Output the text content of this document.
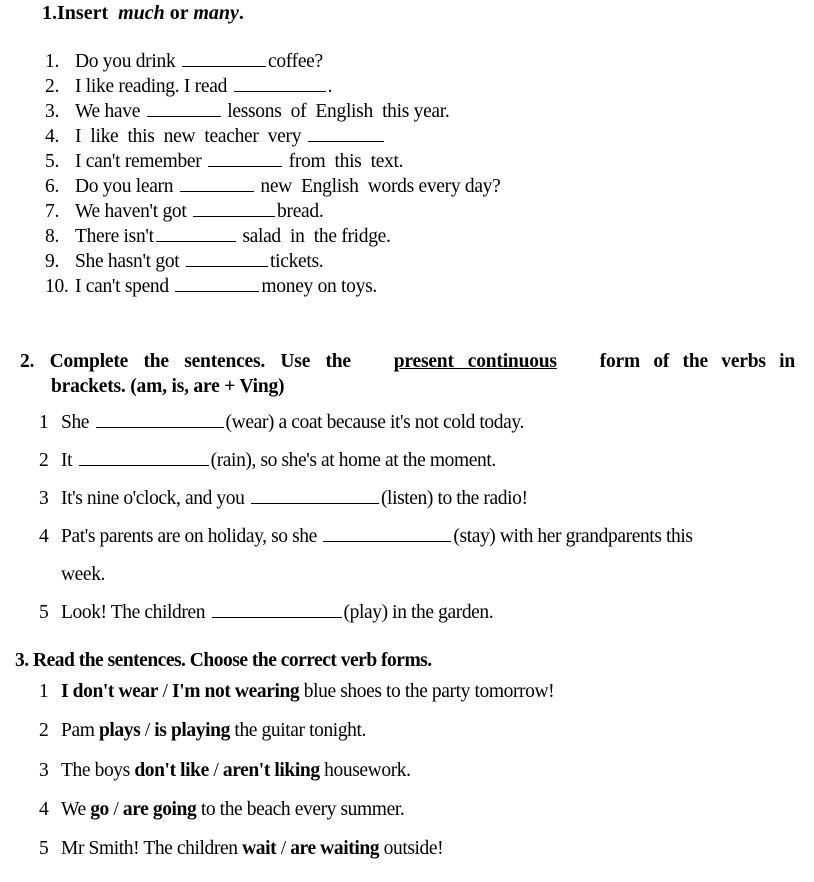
1.Insert much or many.
1. Do you drink	coffee?
2. I like reading. I read	.
3. We have	lessons  of  English  this year.
4. I  like  this  new  teacher  very
5. I can't remember	from  this  text.
6. Do you learn	new  English  words every day?
7. We haven't got	bread.
8. There isn't	salad  in  the fridge.
9. She hasn't got	tickets.
10. I can't spend	money on toys.
2.  Complete  the  sentences.  Use  the present   continuous form  of  the  verbs  in
brackets. (am, is, are + Ving)
1 She	(wear) a coat because it's not cold today.
2 It	(rain), so she's at home at the moment.
3 It's nine o'clock, and you	(listen) to the radio!
4 Pat's parents are on holiday, so she	(stay) with her grandparents this
week.
5 Look! The children	(play) in the garden.
3. Read the sentences. Choose the correct verb forms.
1 I don't wear / I'm not wearing blue shoes to the party tomorrow!
2 Pam plays / is playing the guitar tonight.
3 The boys don't like / aren't liking housework.
4 We go / are going to the beach every summer.
5 Mr Smith! The children wait / are waiting outside!
